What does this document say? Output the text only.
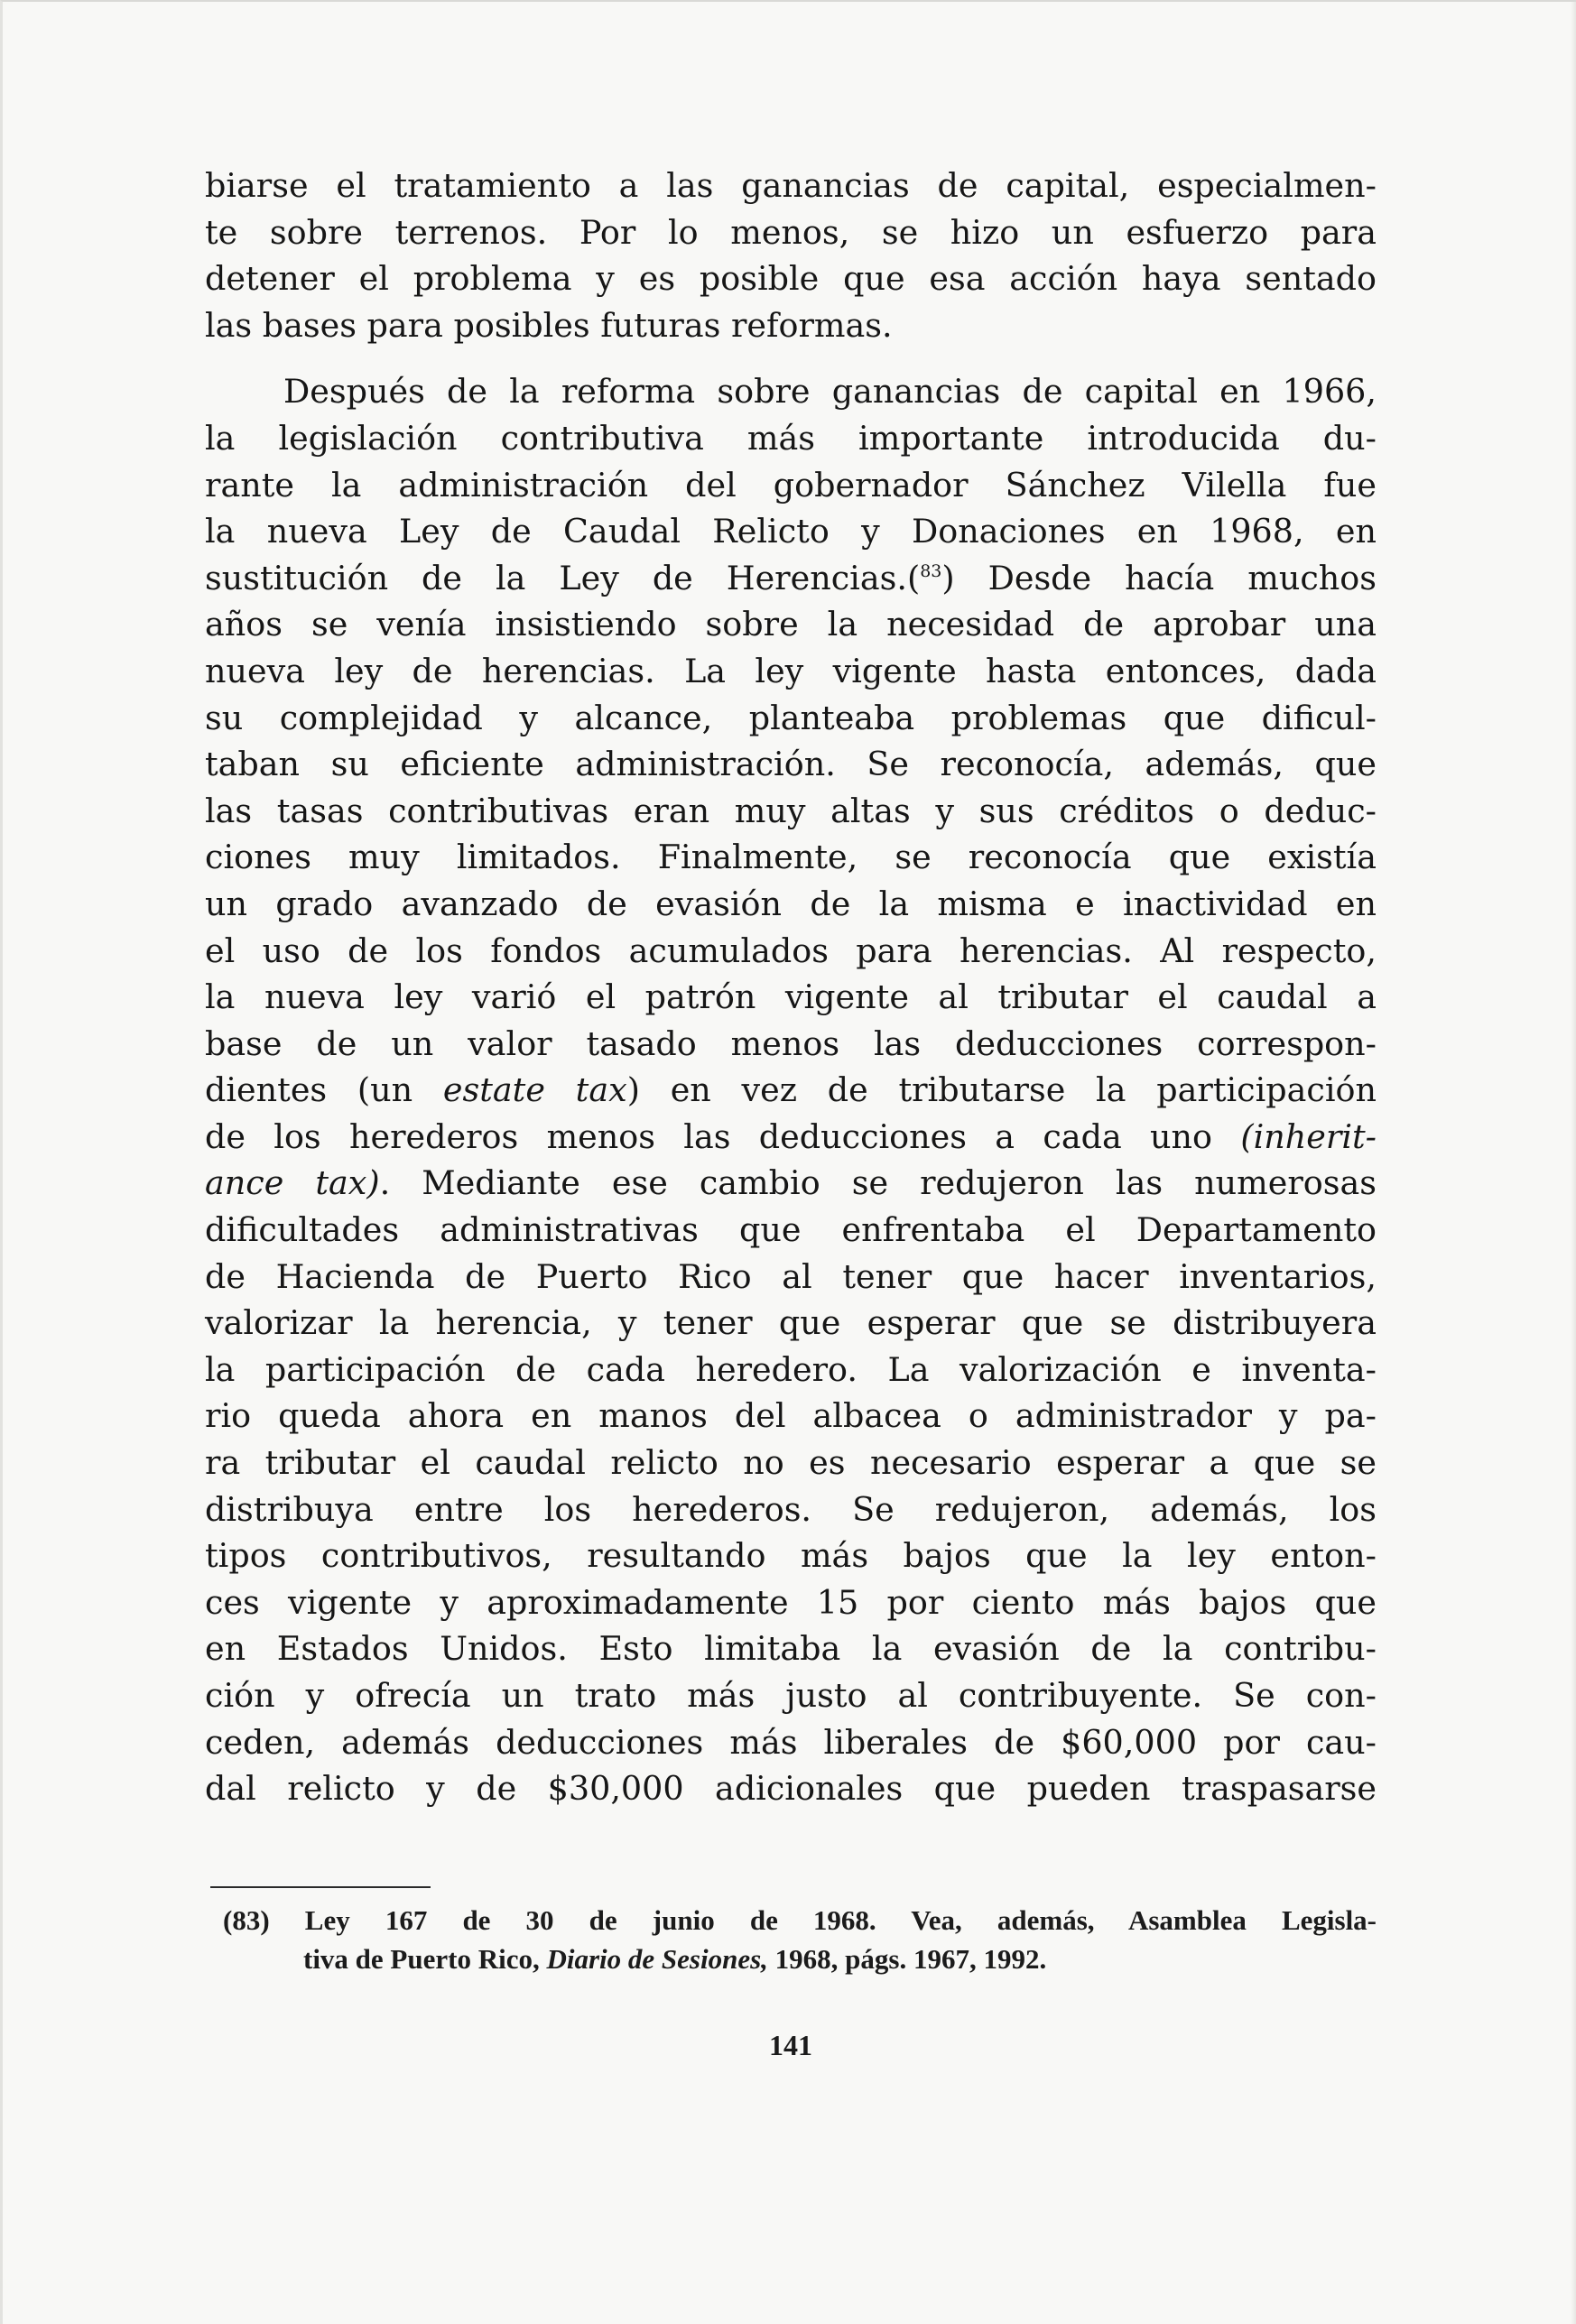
biarse el tratamiento a las ganancias de capital, especialmen-
te sobre terrenos. Por lo menos, se hizo un esfuerzo para
detener el problema y es posible que esa acción haya sentado
las bases para posibles futuras reformas.

Después de la reforma sobre ganancias de capital en 1966,
la legislación contributiva más importante introducida du-
rante la administración del gobernador Sánchez Vilella fue
la nueva Ley de Caudal Relicto y Donaciones en 1968, en
sustitución de la Ley de Herencias.($^{83}$) Desde hacía muchos
años se venía insistiendo sobre la necesidad de aprobar una
nueva ley de herencias. La ley vigente hasta entonces, dada
su complejidad y alcance, planteaba problemas que dificul-
taban su eficiente administración. Se reconocía, además, que
las tasas contributivas eran muy altas y sus créditos o deduc-
ciones muy limitados. Finalmente, se reconocía que existía
un grado avanzado de evasión de la misma e inactividad en
el uso de los fondos acumulados para herencias. Al respecto,
la nueva ley varió el patrón vigente al tributar el caudal a
base de un valor tasado menos las deducciones correspon-
dientes (un estate tax) en vez de tributarse la participación
de los herederos menos las deducciones a cada uno (inherit-
ance tax). Mediante ese cambio se redujeron las numerosas
dificultades administrativas que enfrentaba el Departamento
de Hacienda de Puerto Rico al tener que hacer inventarios,
valorizar la herencia, y tener que esperar que se distribuyera
la participación de cada heredero. La valorización e inventa-
rio queda ahora en manos del albacea o administrador y pa-
ra tributar el caudal relicto no es necesario esperar a que se
distribuya entre los herederos. Se redujeron, además, los
tipos contributivos, resultando más bajos que la ley enton-
ces vigente y aproximadamente 15 por ciento más bajos que
en Estados Unidos. Esto limitaba la evasión de la contribu-
ción y ofrecía un trato más justo al contribuyente. Se con-
ceden, además deducciones más liberales de $60,000 por cau-
dal relicto y de $30,000 adicionales que pueden traspasarse

(83) Ley 167 de 30 de junio de 1968. Vea, además, Asamblea Legisla-
tiva de Puerto Rico, Diario de Sesiones, 1968, págs. 1967, 1992.
141
